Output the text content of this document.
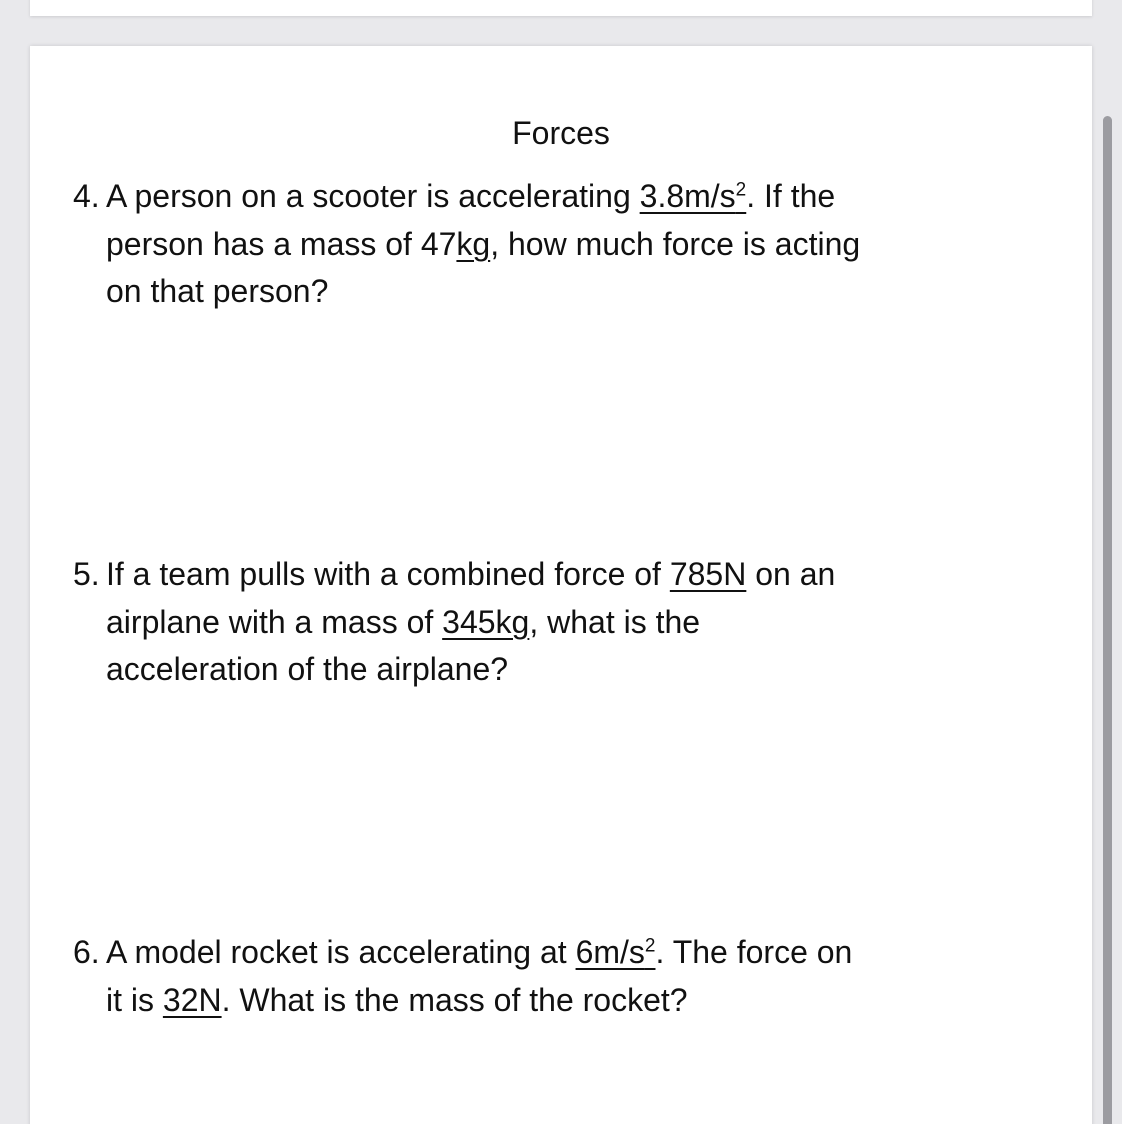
Forces
4. A person on a scooter is accelerating $3.8m/s^2$. If the
person has a mass of 47kg, how much force is acting
on that person?
5. If a team pulls with a combined force of 785N on an
airplane with a mass of 345kg, what is the
acceleration of the airplane?
6. A model rocket is accelerating at $6m/s^2$. The force on
it is 32N. What is the mass of the rocket?
